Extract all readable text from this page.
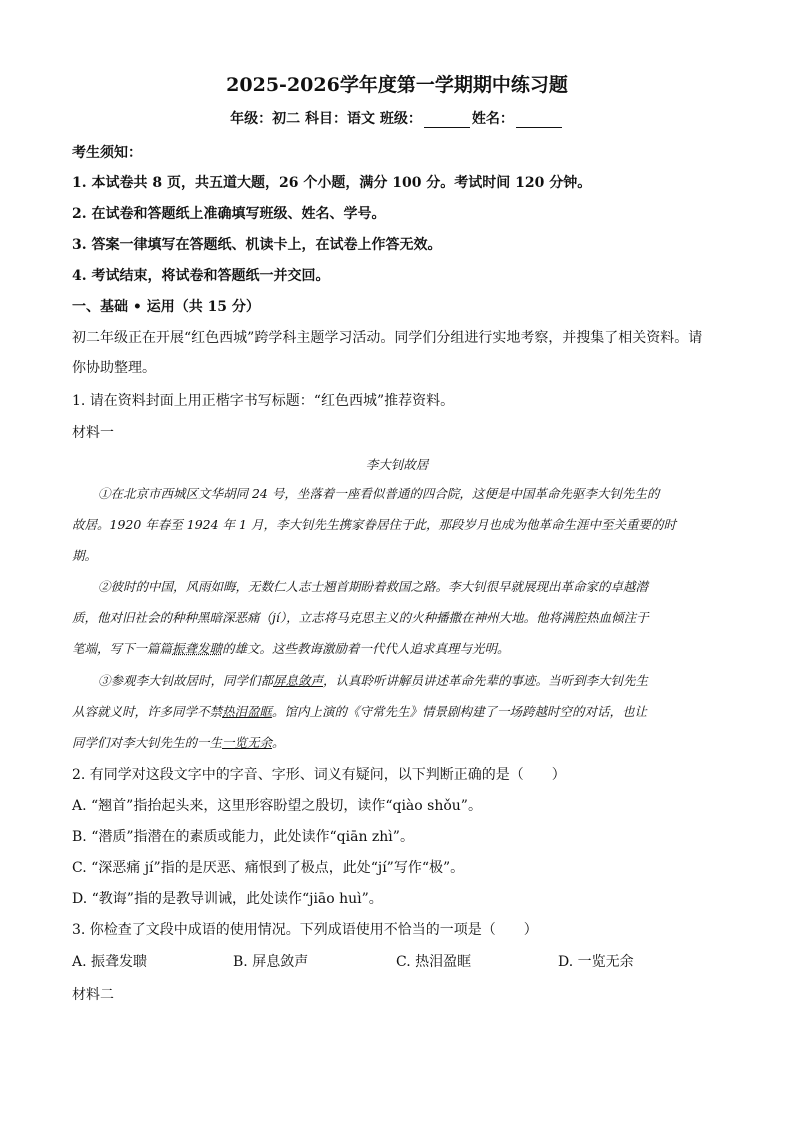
2025-2026学年度第一学期期中练习题
年级：初二 科目：语文 班级：	姓名：
考生须知：
1. 本试卷共 8 页，共五道大题，26 个小题，满分 100 分。考试时间 120 分钟。
2. 在试卷和答题纸上准确填写班级、姓名、学号。
3. 答案一律填写在答题纸、机读卡上，在试卷上作答无效。
4. 考试结束，将试卷和答题纸一并交回。
一、基础 • 运用（共 15 分）
初二年级正在开展“红色西城”跨学科主题学习活动。同学们分组进行实地考察，并搜集了相关资料。请
你协助整理。
1. 请在资料封面上用正楷字书写标题：“红色西城”推荐资料。
材料一
李大钊故居
①在北京市西城区文华胡同 24 号，坐落着一座看似普通的四合院，这便是中国革命先驱李大钊先生的
故居。1920 年春至 1924 年 1 月，李大钊先生携家眷居住于此，那段岁月也成为他革命生涯中至关重要的时
期。
②彼时的中国，风雨如晦，无数仁人志士翘首期盼着救国之路。李大钊很早就展现出革命家的卓越潜
质，他对旧社会的种种黑暗深恶痛（jí），立志将马克思主义的火种播撒在神州大地。他将满腔热血倾注于
笔端，写下一篇篇振聋发聩的雄文。这些教诲激励着一代代人追求真理与光明。
③参观李大钊故居时，同学们都屏息敛声，认真聆听讲解员讲述革命先辈的事迹。当听到李大钊先生
从容就义时，许多同学不禁热泪盈眶。馆内上演的《守常先生》情景剧构建了一场跨越时空的对话，也让
同学们对李大钊先生的一生一览无余。
2. 有同学对这段文字中的字音、字形、词义有疑问，以下判断正确的是（　　）
A. “翘首”指抬起头来，这里形容盼望之殷切，读作“qiào shǒu”。
B. “潜质”指潜在的素质或能力，此处读作“qiān zhì”。
C. “深恶痛 jí”指的是厌恶、痛恨到了极点，此处“jí”写作“极”。
D. “教诲”指的是教导训诫，此处读作“jiāo huì”。
3. 你检查了文段中成语的使用情况。下列成语使用不恰当的一项是（　　）
A. 振聋发聩	B. 屏息敛声	C. 热泪盈眶	D. 一览无余
材料二
